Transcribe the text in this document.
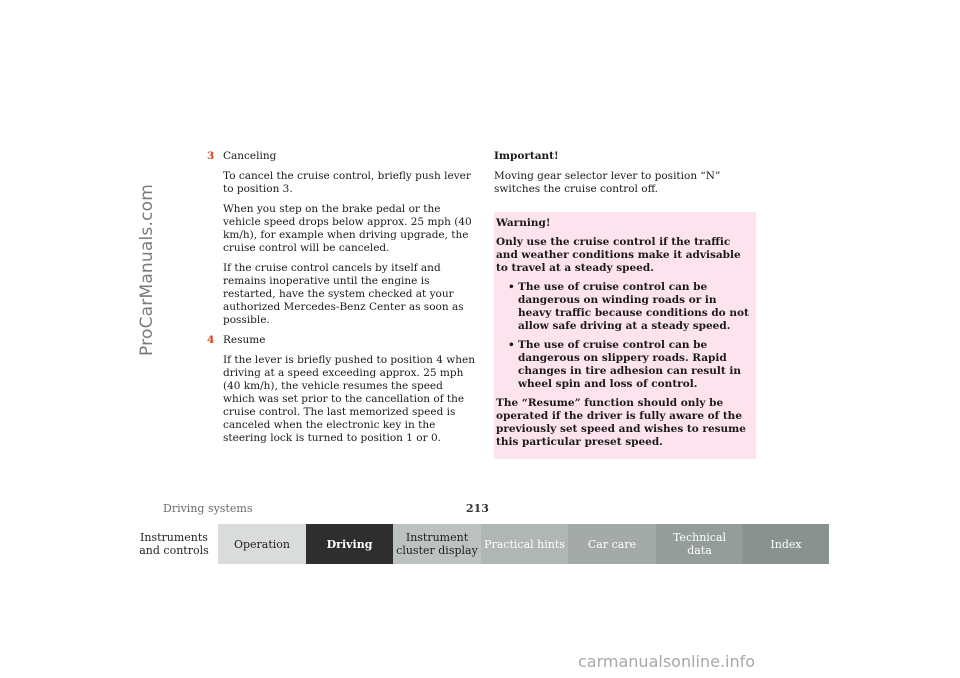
ProCarManuals.com
3 Canceling

To cancel the cruise control, briefly push lever to position 3.

When you step on the brake pedal or the vehicle speed drops below approx. 25 mph (40 km/h), for example when driving upgrade, the cruise control will be canceled.

If the cruise control cancels by itself and remains inoperative until the engine is restarted, have the system checked at your authorized Mercedes-Benz Center as soon as possible.

4 Resume

If the lever is briefly pushed to position 4 when driving at a speed exceeding approx. 25 mph (40 km/h), the vehicle resumes the speed which was set prior to the cancellation of the cruise control. The last memorized speed is canceled when the electronic key in the steering lock is turned to position 1 or 0.

Important!

Moving gear selector lever to position “N” switches the cruise control off.

Warning!

Only use the cruise control if the traffic and weather conditions make it advisable to travel at a steady speed.

• The use of cruise control can be dangerous on winding roads or in heavy traffic because conditions do not allow safe driving at a steady speed.
• The use of cruise control can be dangerous on slippery roads. Rapid changes in tire adhesion can result in wheel spin and loss of control.

The “Resume” function should only be operated if the driver is fully aware of the previously set speed and wishes to resume this particular preset speed.

Driving systems	213
Instruments
and controls Operation	Driving	Instrument
cluster display Practical hints Car care	Technical
data	Index
carmanualsonline.info
